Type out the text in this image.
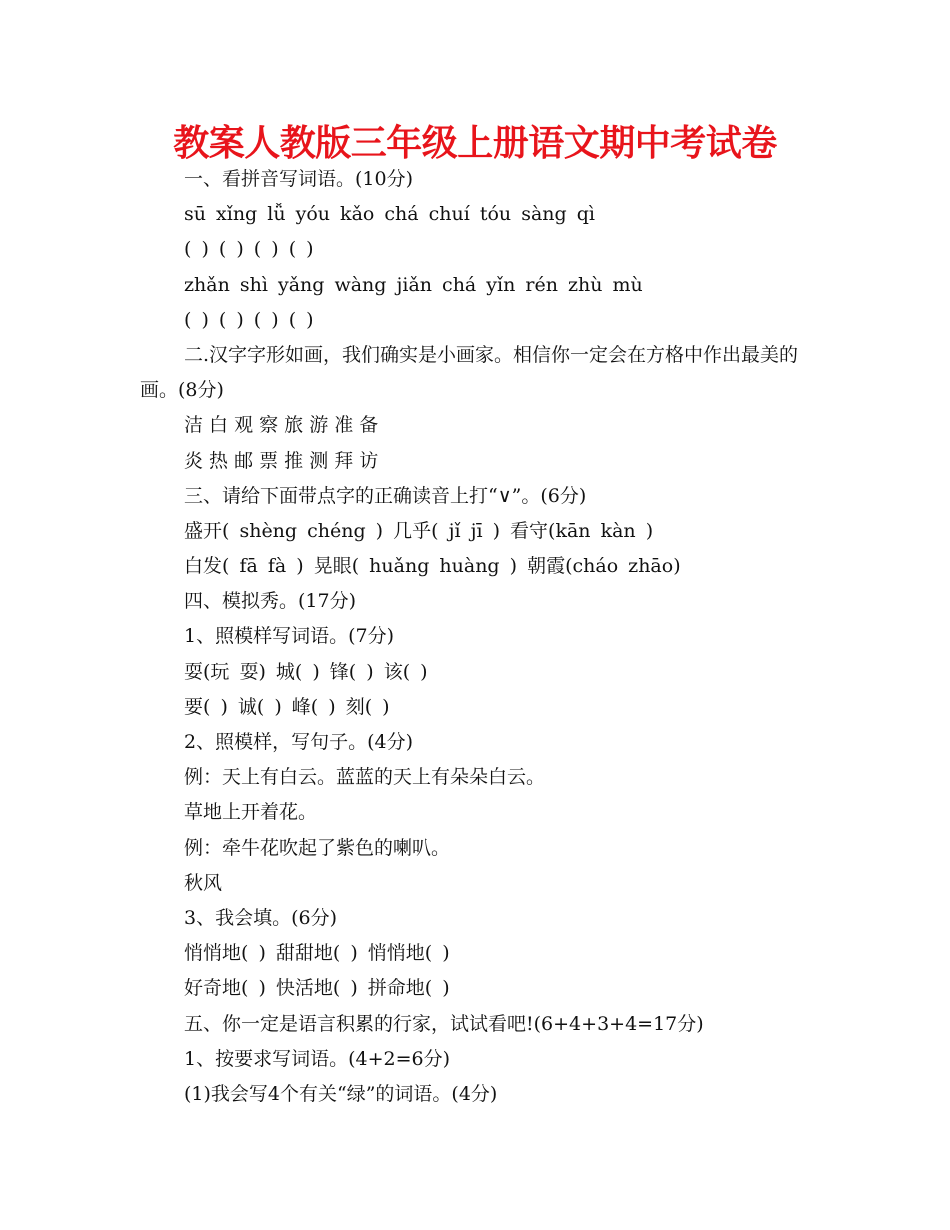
教案人教版三年级上册语文期中考试卷
一、看拼音写词语。(10分)
sū xǐng lǚ yóu kǎo chá chuí tóu sàng qì
( ) ( ) ( ) ( )
zhǎn shì yǎng wàng jiǎn chá yǐn rén zhù mù
( ) ( ) ( ) ( )
二.汉字字形如画，我们确实是小画家。相信你一定会在方格中作出最美的画。(8分)
洁 白 观 察 旅 游 准 备
炎 热 邮 票 推 测 拜 访
三、请给下面带点字的正确读音上打“∨”。(6分)
盛开( shèng chéng ) 几乎( jǐ jī ) 看守(kān kàn )
白发( fā fà ) 晃眼( huǎng huàng ) 朝霞(cháo zhāo)
四、模拟秀。(17分)
1、照模样写词语。(7分)
耍(玩 耍) 城( ) 锋( ) 该( )
要( ) 诚( ) 峰( ) 刻( )
2、照模样，写句子。(4分)
例：天上有白云。蓝蓝的天上有朵朵白云。
草地上开着花。
例：牵牛花吹起了紫色的喇叭。
秋风
3、我会填。(6分)
悄悄地( ) 甜甜地( ) 悄悄地( )
好奇地( ) 快活地( ) 拼命地( )
五、你一定是语言积累的行家，试试看吧!(6+4+3+4=17分)
1、按要求写词语。(4+2=6分)
(1)我会写4个有关“绿”的词语。(4分)
